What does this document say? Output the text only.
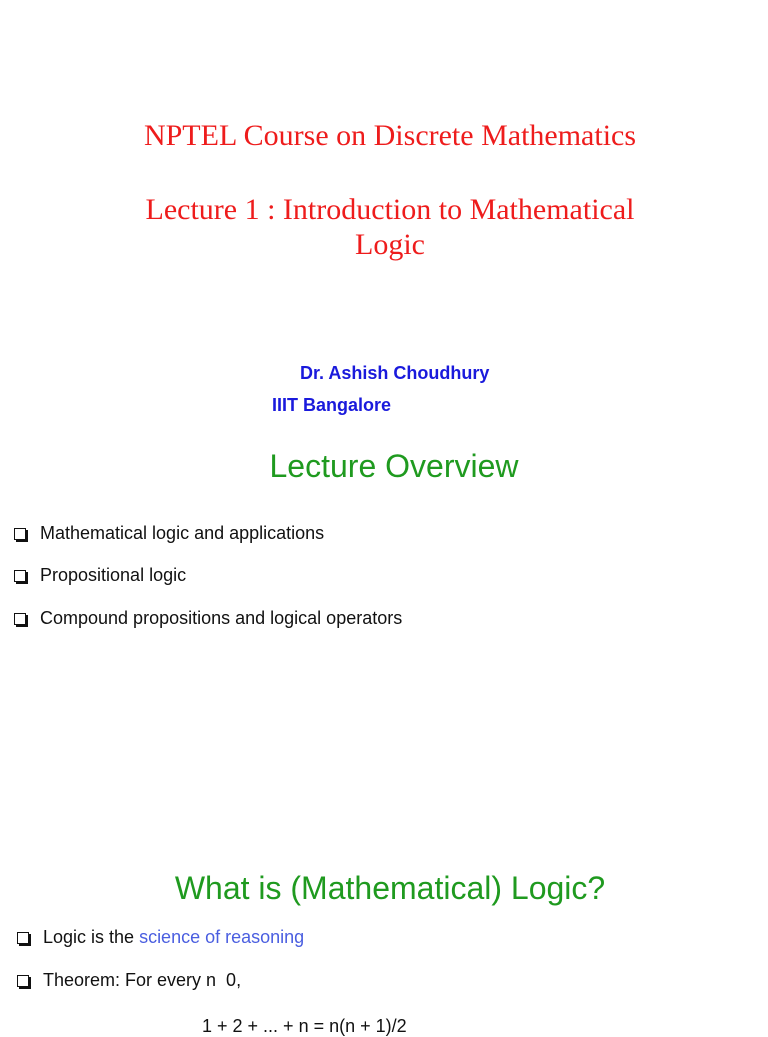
NPTEL Course on Discrete Mathematics
Lecture 1 : Introduction to Mathematical
Logic
Dr. Ashish Choudhury
IIIT Bangalore
Lecture Overview
Mathematical logic and applications
Propositional logic
Compound propositions and logical operators
What is (Mathematical) Logic?
Logic is the science of reasoning
Theorem: For every n  0,
1 + 2 + ... + n = n(n + 1)/2
